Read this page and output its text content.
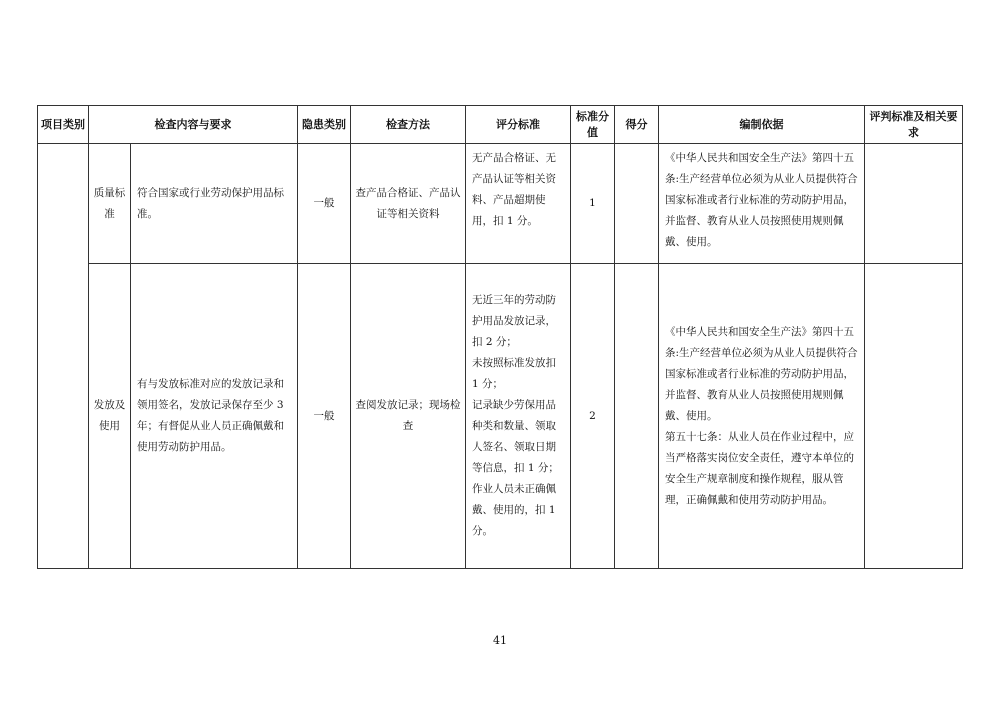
项目类别	检查内容与要求		隐患类别	检查方法	评分标准	标准分值	得分	编制依据	评判标准及相关要求
	质量标准	符合国家或行业劳动保护用品标准。	一般	查产品合格证、产品认证等相关资料	无产品合格证、无产品认证等相关资料、产品超期使用，扣 1 分。	1		《中华人民共和国安全生产法》第四十五条:生产经营单位必须为从业人员提供符合国家标准或者行业标准的劳动防护用品，并监督、教育从业人员按照使用规则佩戴、使用。	

	发放及使用	有与发放标准对应的发放记录和领用签名，发放记录保存至少 3 年；有督促从业人员正确佩戴和使用劳动防护用品。	一般	查阅发放记录；现场检查	无近三年的劳动防护用品发放记录，扣 2 分；
未按照标准发放扣 1 分；
记录缺少劳保用品种类和数量、领取人签名、领取日期等信息，扣 1 分；
作业人员未正确佩戴、使用的，扣 1 分。	2		《中华人民共和国安全生产法》第四十五条:生产经营单位必须为从业人员提供符合国家标准或者行业标准的劳动防护用品，并监督、教育从业人员按照使用规则佩戴、使用。
第五十七条：从业人员在作业过程中，应当严格落实岗位安全责任，遵守本单位的安全生产规章制度和操作规程，服从管理，正确佩戴和使用劳动防护用品。	

41
